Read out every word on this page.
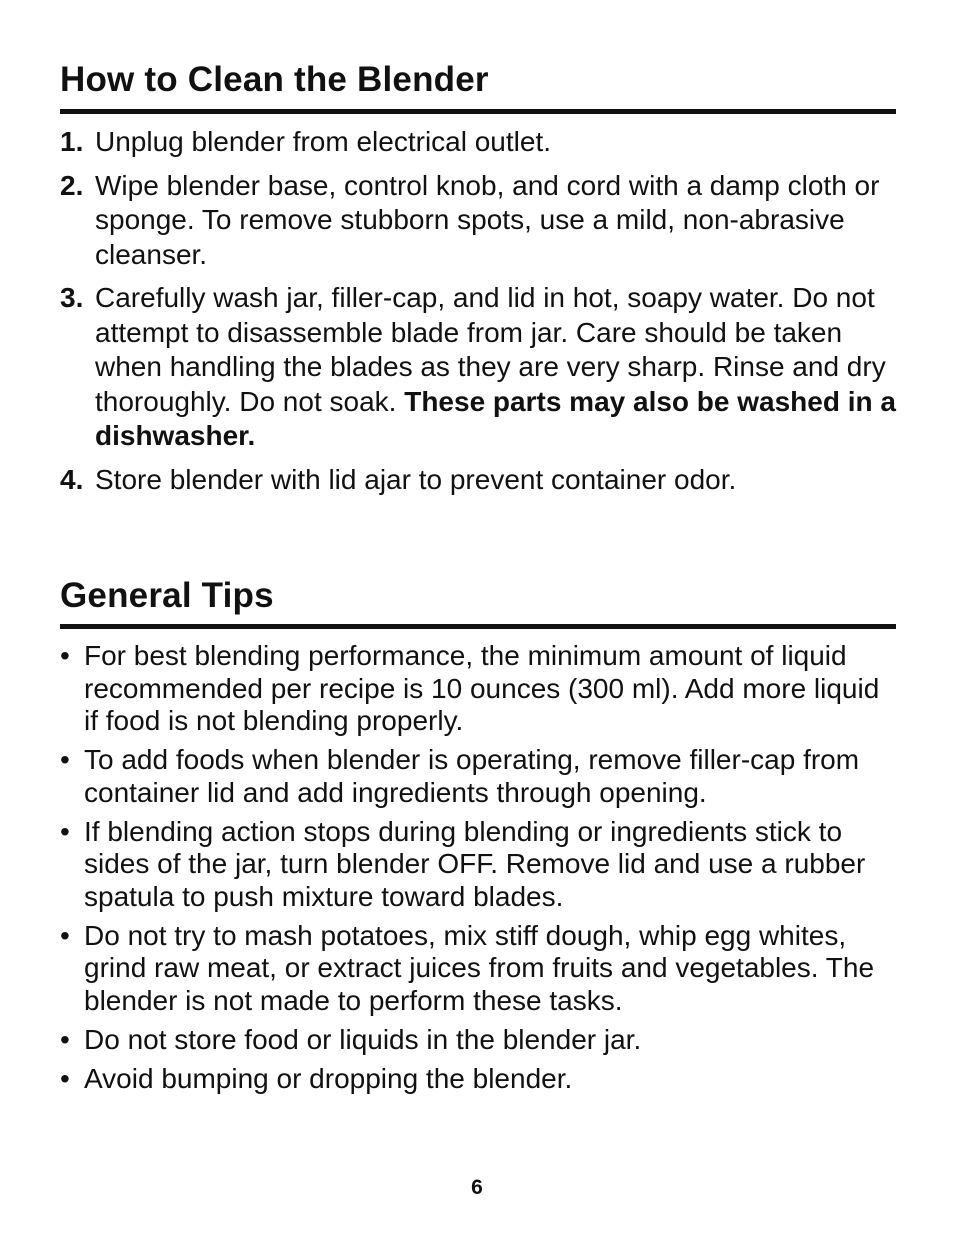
How to Clean the Blender
1. Unplug blender from electrical outlet.
2. Wipe blender base, control knob, and cord with a damp cloth or sponge. To remove stubborn spots, use a mild, non-abrasive cleanser.
3. Carefully wash jar, filler-cap, and lid in hot, soapy water. Do not attempt to disassemble blade from jar. Care should be taken when handling the blades as they are very sharp. Rinse and dry thoroughly. Do not soak. These parts may also be washed in a dishwasher.
4. Store blender with lid ajar to prevent container odor.
General Tips
• For best blending performance, the minimum amount of liquid recommended per recipe is 10 ounces (300 ml). Add more liquid if food is not blending properly.
• To add foods when blender is operating, remove filler-cap from container lid and add ingredients through opening.
• If blending action stops during blending or ingredients stick to sides of the jar, turn blender OFF. Remove lid and use a rubber spatula to push mixture toward blades.
• Do not try to mash potatoes, mix stiff dough, whip egg whites, grind raw meat, or extract juices from fruits and vegetables. The blender is not made to perform these tasks.
• Do not store food or liquids in the blender jar.
• Avoid bumping or dropping the blender.
6
